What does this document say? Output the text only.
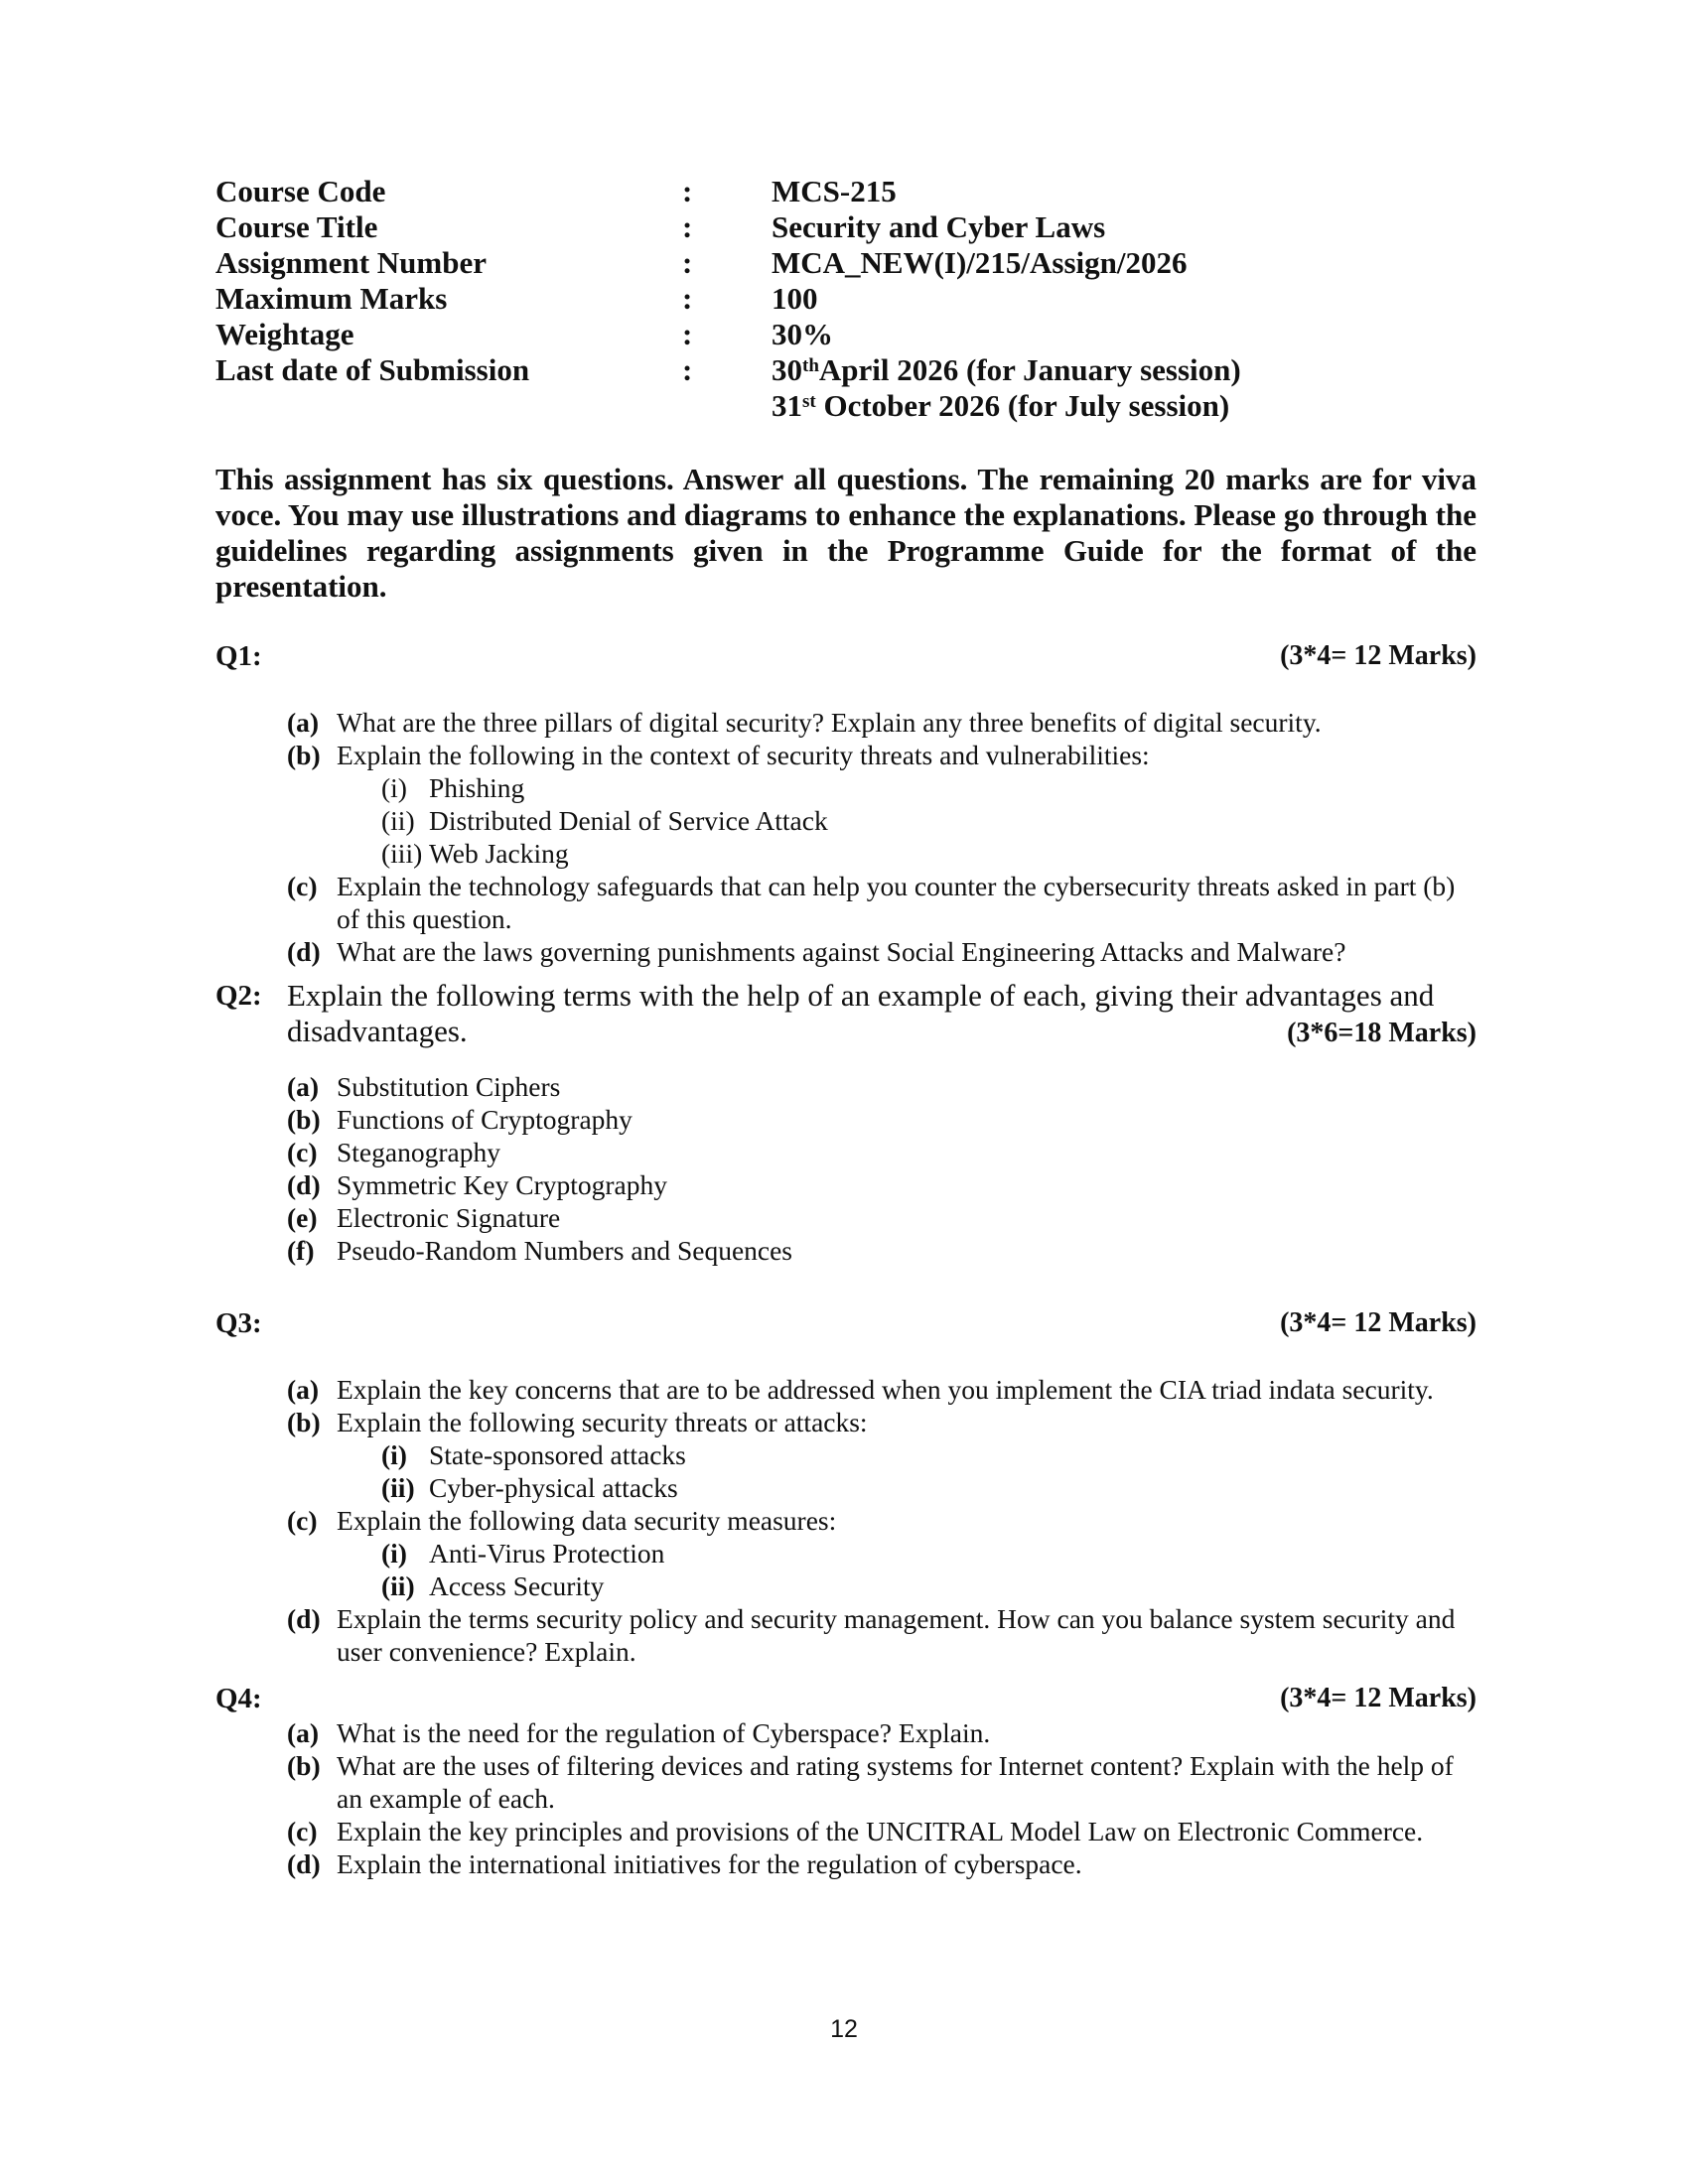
Course Code	:	MCS-215
Course Title	:	Security and Cyber Laws
Assignment Number	:	MCA_NEW(I)/215/Assign/2026
Maximum Marks	:	100
Weightage	:	30%
Last date of Submission	:	30thApril 2026 (for January session)
31st October 2026 (for July session)
This assignment has six questions. Answer all questions. The remaining 20 marks are for viva voce. You may use illustrations and diagrams to enhance the explanations. Please go through the guidelines regarding assignments given in the Programme Guide for the format of the presentation.
Q1:	(3*4= 12 Marks)
(a) What are the three pillars of digital security? Explain any three benefits of digital security.
(b) Explain the following in the context of security threats and vulnerabilities:
(i) Phishing
(ii) Distributed Denial of Service Attack
(iii) Web Jacking
(c) Explain the technology safeguards that can help you counter the cybersecurity threats asked in part (b) of this question.
(d) What are the laws governing punishments against Social Engineering Attacks and Malware?
Q2: Explain the following terms with the help of an example of each, giving their advantages and disadvantages.	(3*6=18 Marks)
(a) Substitution Ciphers
(b) Functions of Cryptography
(c) Steganography
(d) Symmetric Key Cryptography
(e) Electronic Signature
(f) Pseudo-Random Numbers and Sequences
Q3:	(3*4= 12 Marks)
(a) Explain the key concerns that are to be addressed when you implement the CIA triad indata security.
(b) Explain the following security threats or attacks:
(i) State-sponsored attacks
(ii) Cyber-physical attacks
(c) Explain the following data security measures:
(i) Anti-Virus Protection
(ii) Access Security
(d) Explain the terms security policy and security management. How can you balance system security and user convenience? Explain.
Q4:	(3*4= 12 Marks)
(a) What is the need for the regulation of Cyberspace? Explain.
(b) What are the uses of filtering devices and rating systems for Internet content? Explain with the help of an example of each.
(c) Explain the key principles and provisions of the UNCITRAL Model Law on Electronic Commerce.
(d) Explain the international initiatives for the regulation of cyberspace.
12
